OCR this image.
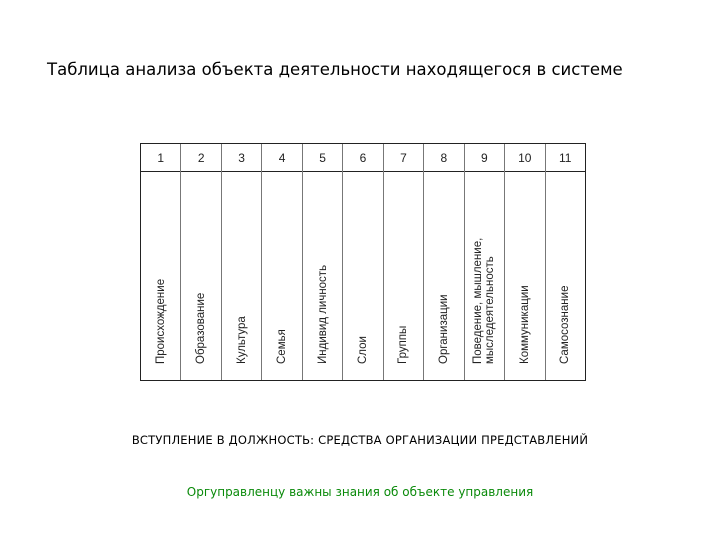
Таблица анализа объекта деятельности находящегося в системе
1
Происхождение
2
Образование
3
Культура
4
Семья
5
Индивид личность
6
Слои
7
Группы
8
Организации
9
Поведение, мышление, мыследеятельность
10
Коммуникации
11
Самосознание
ВСТУПЛЕНИЕ В ДОЛЖНОСТЬ: СРЕДСТВА ОРГАНИЗАЦИИ ПРЕДСТАВЛЕНИЙ
Оргуправленцу важны знания об объекте управления
